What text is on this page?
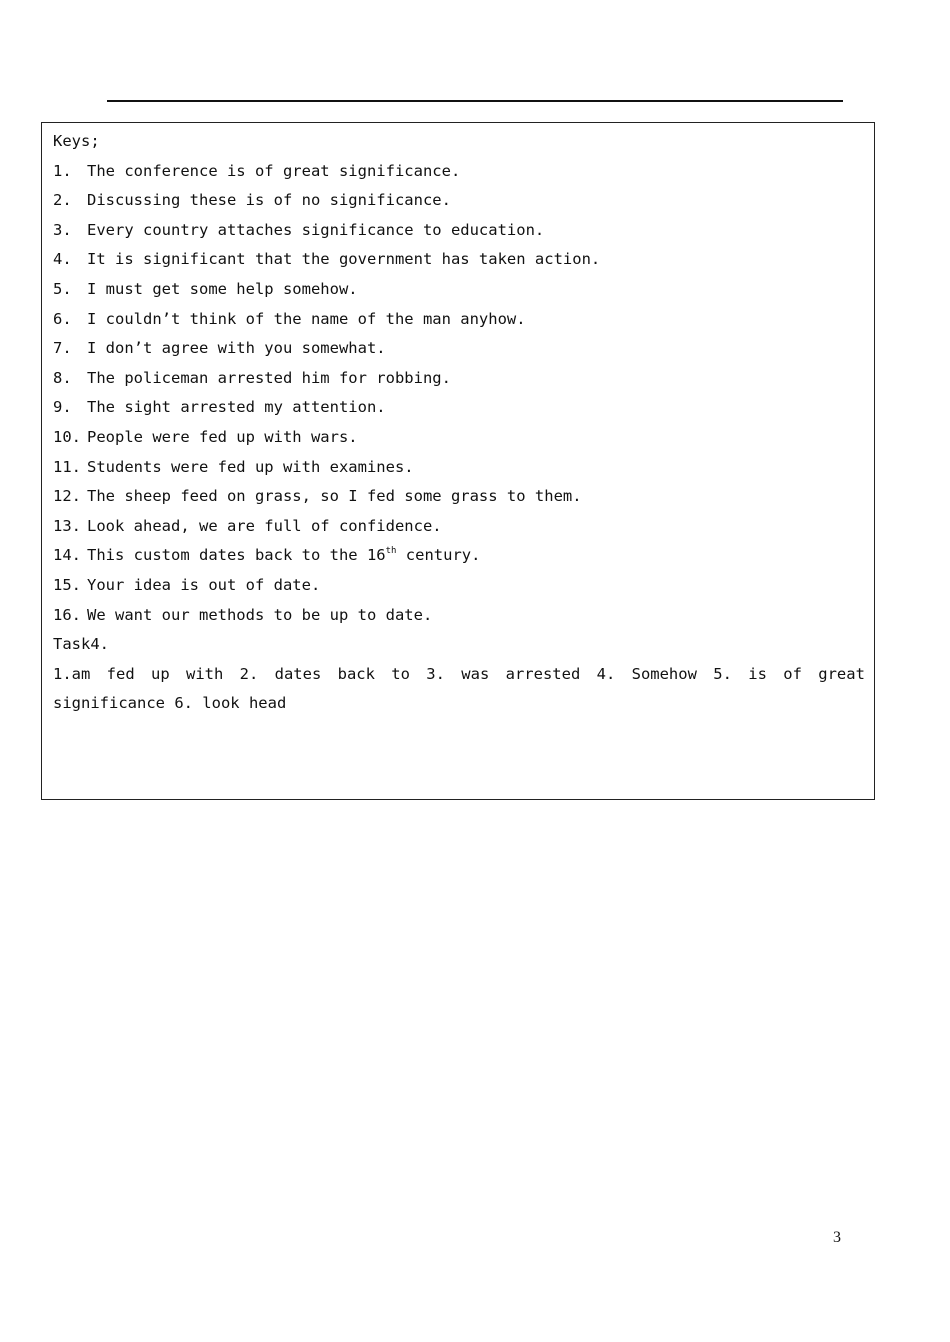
Keys;
1. The conference is of great significance.
2. Discussing these is of no significance.
3. Every country attaches significance to education.
4. It is significant that the government has taken action.
5. I must get some help somehow.
6. I couldn’t think of the name of the man anyhow.
7. I don’t agree with you somewhat.
8. The policeman arrested him for robbing.
9. The sight arrested my attention.
10. People were fed up with wars.
11. Students were fed up with examines.
12. The sheep feed on grass, so I fed some grass to them.
13. Look ahead, we are full of confidence.
14. This custom dates back to the 16th century.
15. Your idea is out of date.
16. We want our methods to be up to date.
Task4.
1.am fed up with 2. dates back to 3. was arrested 4. Somehow 5. is of great
significance 6. look head
3
